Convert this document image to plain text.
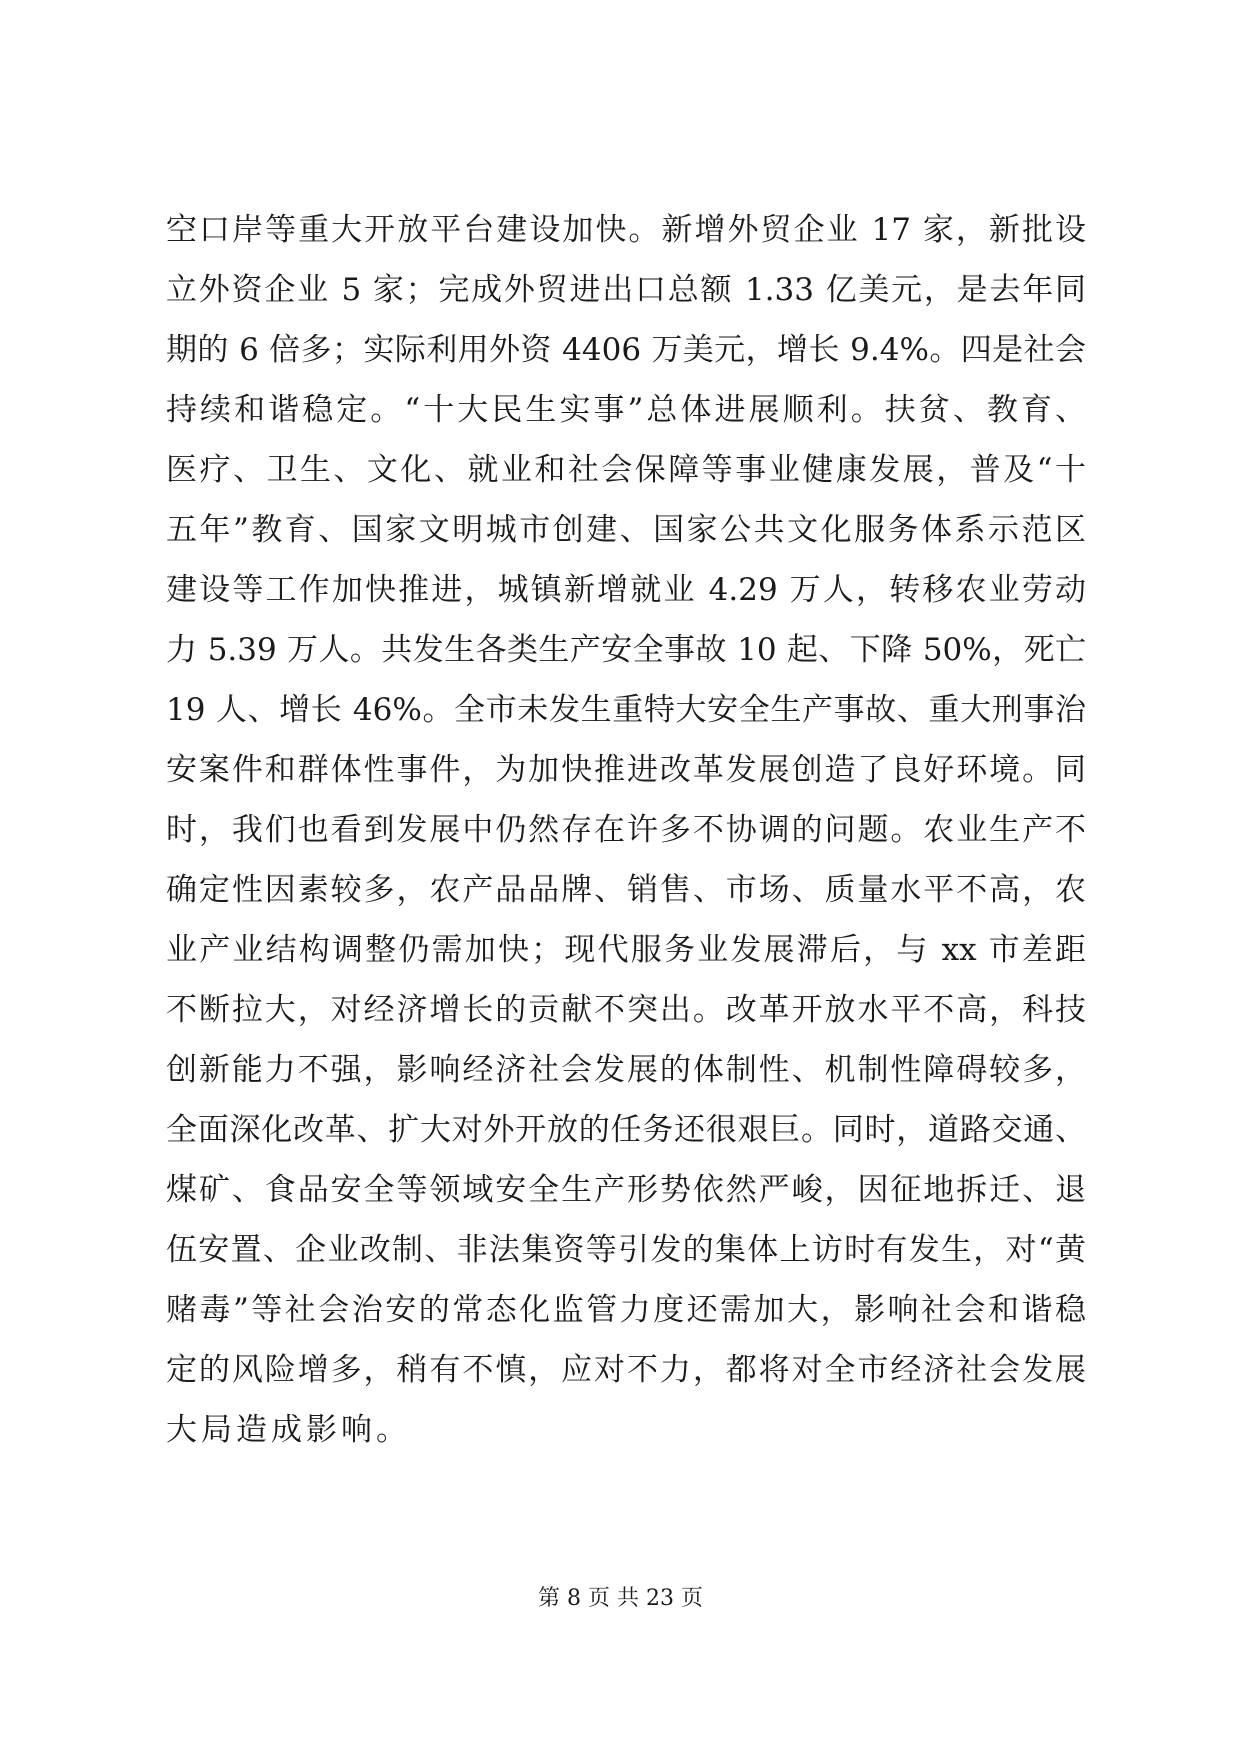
空口岸等重大开放平台建设加快。新增外贸企业 17 家，新批设
立外资企业 5 家；完成外贸进出口总额 1.33 亿美元，是去年同
期的 6 倍多；实际利用外资 4406 万美元，增长 9.4%。四是社会
持续和谐稳定。“十大民生实事”总体进展顺利。扶贫、教育、
医疗、卫生、文化、就业和社会保障等事业健康发展，普及“十
五年”教育、国家文明城市创建、国家公共文化服务体系示范区
建设等工作加快推进，城镇新增就业 4.29 万人，转移农业劳动
力 5.39 万人。共发生各类生产安全事故 10 起、下降 50%，死亡
19 人、增长 46%。全市未发生重特大安全生产事故、重大刑事治
安案件和群体性事件，为加快推进改革发展创造了良好环境。同
时，我们也看到发展中仍然存在许多不协调的问题。农业生产不
确定性因素较多，农产品品牌、销售、市场、质量水平不高，农
业产业结构调整仍需加快；现代服务业发展滞后，与 xx 市差距
不断拉大，对经济增长的贡献不突出。改革开放水平不高，科技
创新能力不强，影响经济社会发展的体制性、机制性障碍较多，
全面深化改革、扩大对外开放的任务还很艰巨。同时，道路交通、
煤矿、食品安全等领域安全生产形势依然严峻，因征地拆迁、退
伍安置、企业改制、非法集资等引发的集体上访时有发生，对“黄
赌毒”等社会治安的常态化监管力度还需加大，影响社会和谐稳
定的风险增多，稍有不慎，应对不力，都将对全市经济社会发展
大局造成影响。
第 8 页 共 23 页
